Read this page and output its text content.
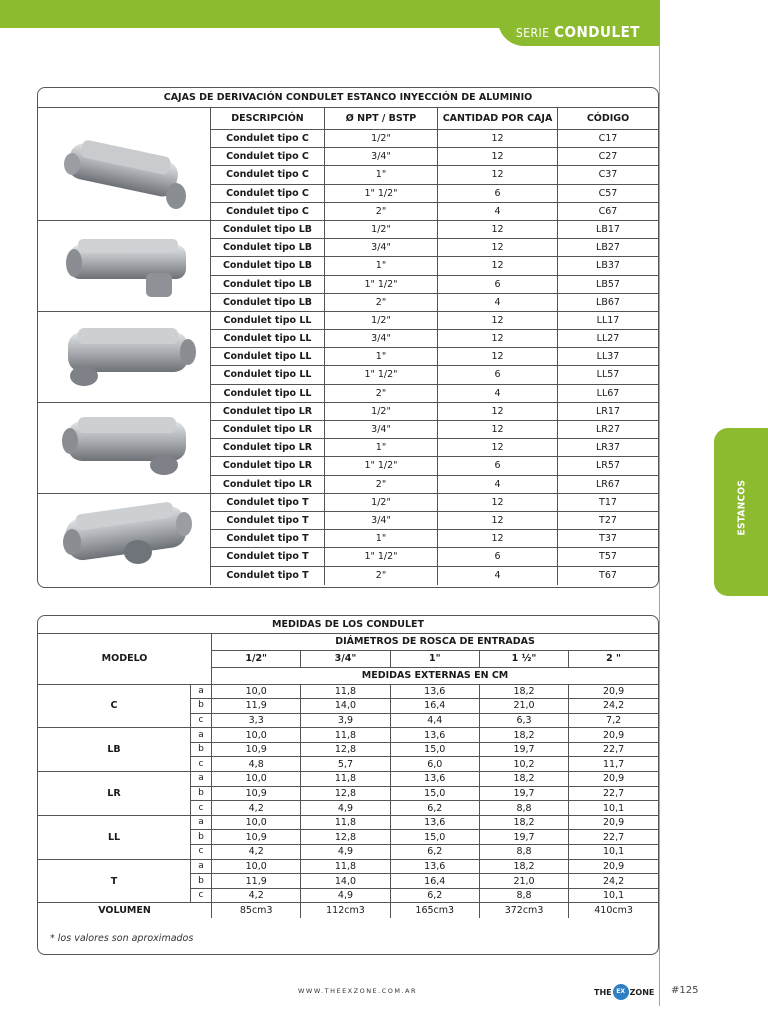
SERIE CONDULET
ESTANCOS
CAJAS DE DERIVACIÓN CONDULET ESTANCO INYECCIÓN DE ALUMINIO
DESCRIPCIÓN	Ø NPT / BSTP	CANTIDAD POR CAJA	CÓDIGO
Condulet tipo C	1/2"	12	C17
Condulet tipo C	3/4"	12	C27
Condulet tipo C	1"	12	C37
Condulet tipo C	1" 1/2"	6	C57
Condulet tipo C	2"	4	C67
Condulet tipo LB	1/2"	12	LB17
Condulet tipo LB	3/4"	12	LB27
Condulet tipo LB	1"	12	LB37
Condulet tipo LB	1" 1/2"	6	LB57
Condulet tipo LB	2"	4	LB67
Condulet tipo LL	1/2"	12	LL17
Condulet tipo LL	3/4"	12	LL27
Condulet tipo LL	1"	12	LL37
Condulet tipo LL	1" 1/2"	6	LL57
Condulet tipo LL	2"	4	LL67
Condulet tipo LR	1/2"	12	LR17
Condulet tipo LR	3/4"	12	LR27
Condulet tipo LR	1"	12	LR37
Condulet tipo LR	1" 1/2"	6	LR57
Condulet tipo LR	2"	4	LR67
Condulet tipo T	1/2"	12	T17
Condulet tipo T	3/4"	12	T27
Condulet tipo T	1"	12	T37
Condulet tipo T	1" 1/2"	6	T57
Condulet tipo T	2"	4	T67
MEDIDAS DE LOS CONDULET						
MODELO		DIÁMETROS DE ROSCA DE ENTRADAS				
		1/2"	3/4"	1"	1 ½"	2 "
		MEDIDAS EXTERNAS EN CM				
C	a	10,0	11,8	13,6	18,2	20,9
	b	11,9	14,0	16,4	21,0	24,2
	c	3,3	3,9	4,4	6,3	7,2
LB	a	10,0	11,8	13,6	18,2	20,9
	b	10,9	12,8	15,0	19,7	22,7
	c	4,8	5,7	6,0	10,2	11,7
LR	a	10,0	11,8	13,6	18,2	20,9
	b	10,9	12,8	15,0	19,7	22,7
	c	4,2	4,9	6,2	8,8	10,1
LL	a	10,0	11,8	13,6	18,2	20,9
	b	10,9	12,8	15,0	19,7	22,7
	c	4,2	4,9	6,2	8,8	10,1
T	a	10,0	11,8	13,6	18,2	20,9
	b	11,9	14,0	16,4	21,0	24,2
	c	4,2	4,9	6,2	8,8	10,1
VOLUMEN		85cm3	112cm3	165cm3	372cm3	410cm3
* los valores son aproximados
WWW.THEEXZONE.COM.AR	THE EX ZONE #125
